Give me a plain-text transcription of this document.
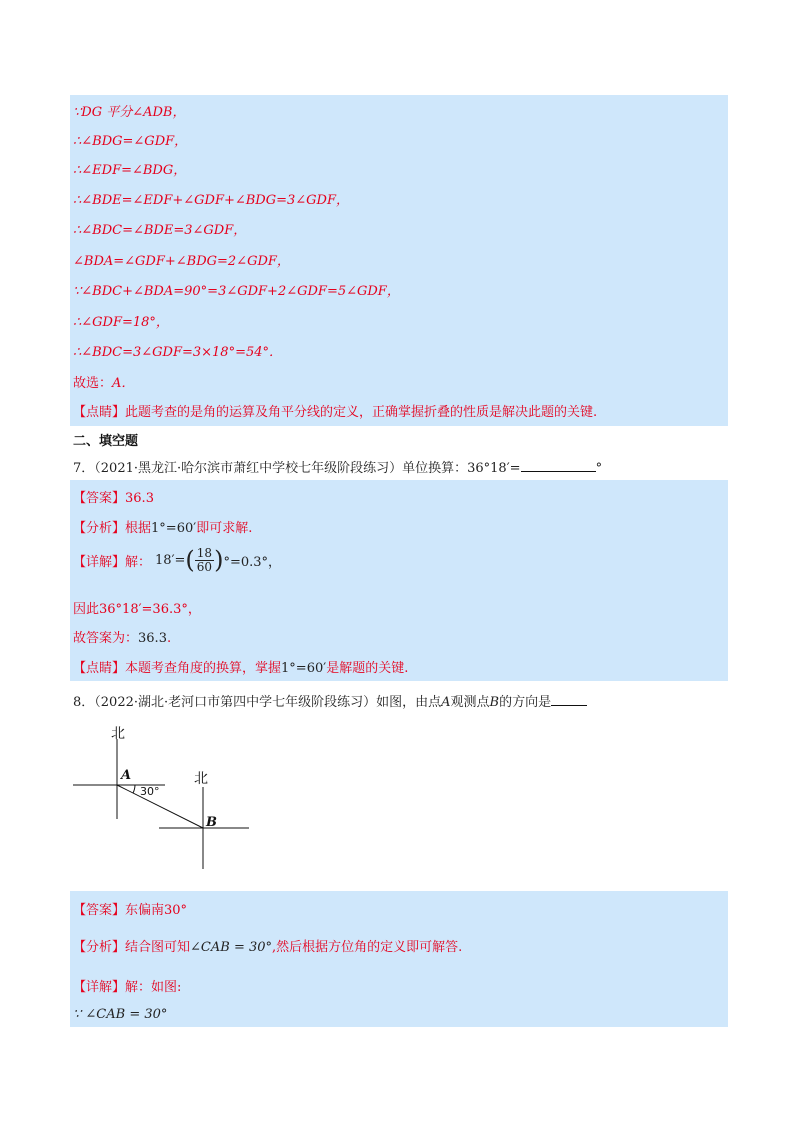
∵DG 平分∠ADB，
∴∠BDG=∠GDF，
∴∠EDF=∠BDG，
∴∠BDE=∠EDF+∠GDF+∠BDG=3∠GDF，
∴∠BDC=∠BDE=3∠GDF，
∠BDA=∠GDF+∠BDG=2∠GDF，
∵∠BDC+∠BDA=90°=3∠GDF+2∠GDF=5∠GDF，
∴∠GDF=18°，
∴∠BDC=3∠GDF=3×18°=54°．
故选：A．
【点睛】此题考查的是角的运算及角平分线的定义，正确掌握折叠的性质是解决此题的关键.
二、填空题
7．（2021·黑龙江·哈尔滨市萧红中学校七年级阶段练习）单位换算：36°18′=	°
【答案】36.3
【分析】根据1°=60′即可求解.
【详解】 解： 18′= ( $\frac{18}{60}$ ) °=0.3°，
因此36°18′=36.3°，
故答案为：36.3.
【点睛】本题考查角度的换算，掌握1°=60′是解题的关键.
8．（2022·湖北·老河口市第四中学七年级阶段练习）如图，由点A观测点B的方向是
北
北
A
B
30°
【答案】东偏南30°
【分析】结合图可知∠CAB = 30°,然后根据方位角的定义即可解答.
【详解】解：如图:
∵ ∠CAB = 30°
